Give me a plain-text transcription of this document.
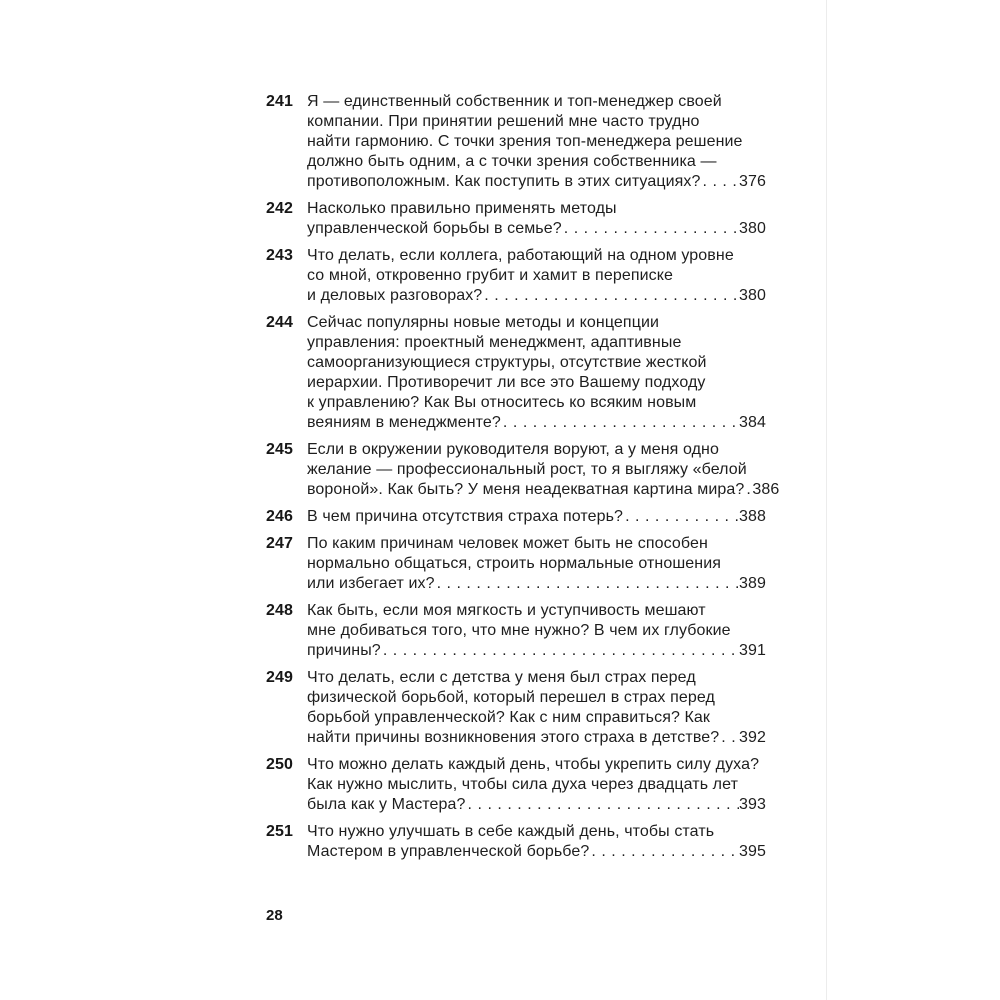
241 Я — единственный собственник и топ-менеджер своей
компании. При принятии решений мне часто трудно
найти гармонию. С точки зрения топ-менеджера решение
должно быть одним, а с точки зрения собственника —
противоположным. Как поступить в этих ситуациях? ..... 376
242 Насколько правильно применять методы
управленческой борьбы в семье? .....	380
243 Что делать, если коллега, работающий на одном уровне
со мной, откровенно грубит и хамит в переписке
и деловых разговорах? .....	380
244 Сейчас популярны новые методы и концепции
управления: проектный менеджмент, адаптивные
самоорганизующиеся структуры, отсутствие жесткой
иерархии. Противоречит ли все это Вашему подходу
к управлению? Как Вы относитесь ко всяким новым
веяниям в менеджменте? .....	384
245 Если в окружении руководителя воруют, а у меня одно
желание — профессиональный рост, то я выгляжу «белой
вороной». Как быть? У меня неадекватная картина мира? ..... 386
246 В чем причина отсутствия страха потерь? .....	388
247 По каким причинам человек может быть не способен
нормально общаться, строить нормальные отношения
или избегает их? .....	389
248 Как быть, если моя мягкость и уступчивость мешают
мне добиваться того, что мне нужно? В чем их глубокие
причины? .....	391
249 Что делать, если с детства у меня был страх перед
физической борьбой, который перешел в страх перед
борьбой управленческой? Как с ним справиться? Как
найти причины возникновения этого страха в детстве? ..... 392
250 Что можно делать каждый день, чтобы укрепить силу духа?
Как нужно мыслить, чтобы сила духа через двадцать лет
была как у Мастера? .....	393
251 Что нужно улучшать в себе каждый день, чтобы стать
Мастером в управленческой борьбе? .....	395
28
